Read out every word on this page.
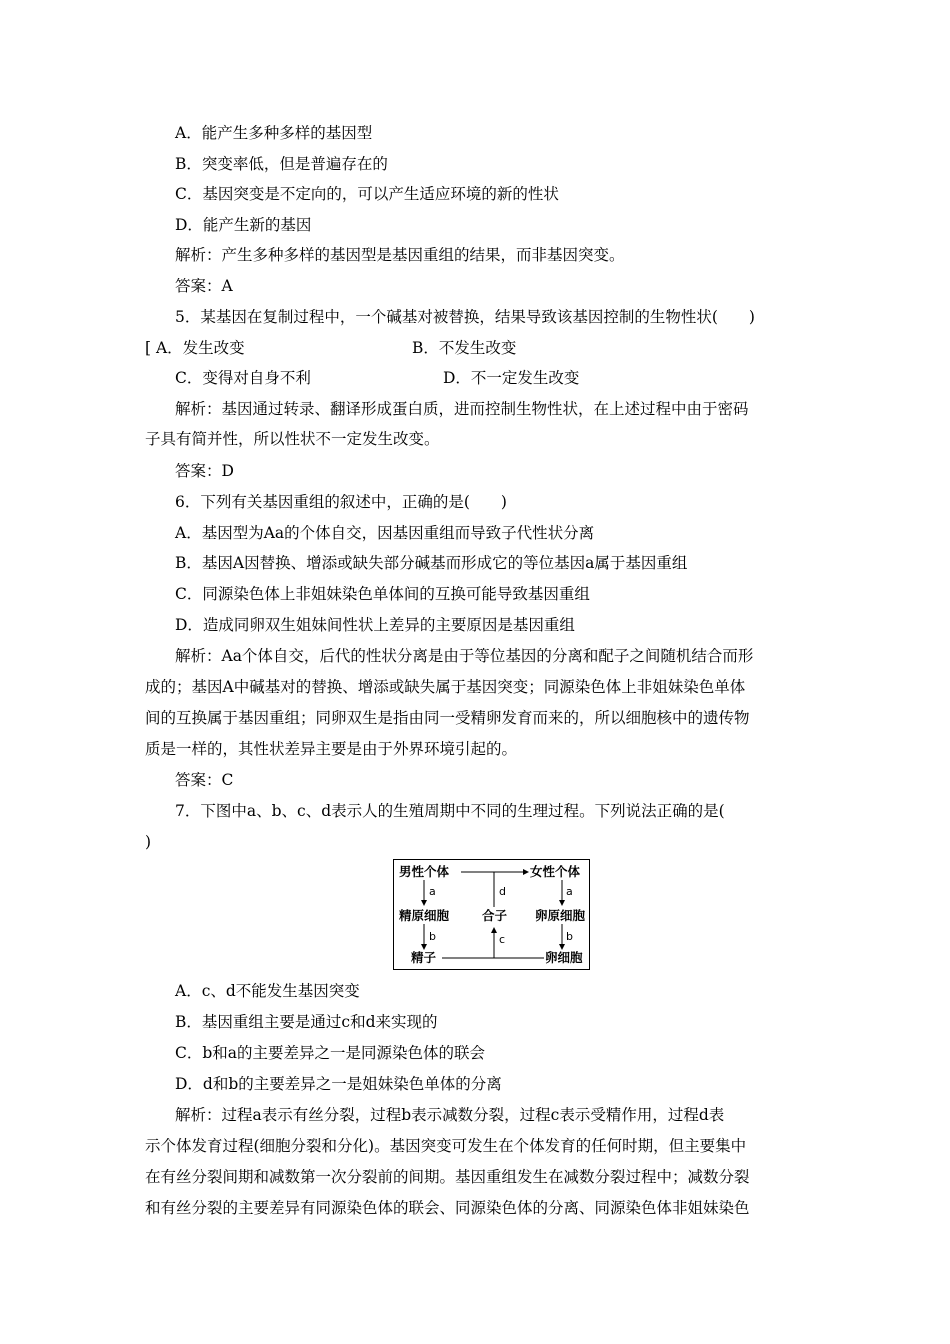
A．能产生多种多样的基因型
B．突变率低，但是普遍存在的
C．基因突变是不定向的，可以产生适应环境的新的性状
D．能产生新的基因
解析：产生多种多样的基因型是基因重组的结果，而非基因突变。
答案：A
5．某基因在复制过程中，一个碱基对被替换，结果导致该基因控制的生物性状(　　)
[ A．发生改变	B．不发生改变
C．变得对自身不利	D．不一定发生改变
解析：基因通过转录、翻译形成蛋白质，进而控制生物性状，在上述过程中由于密码
子具有简并性，所以性状不一定发生改变。
答案：D
6．下列有关基因重组的叙述中，正确的是(　　)
A．基因型为Aa的个体自交，因基因重组而导致子代性状分离
B．基因A因替换、增添或缺失部分碱基而形成它的等位基因a属于基因重组
C．同源染色体上非姐妹染色单体间的互换可能导致基因重组
D．造成同卵双生姐妹间性状上差异的主要原因是基因重组
解析：Aa个体自交，后代的性状分离是由于等位基因的分离和配子之间随机结合而形
成的；基因A中碱基对的替换、增添或缺失属于基因突变；同源染色体上非姐妹染色单体
间的互换属于基因重组；同卵双生是指由同一受精卵发育而来的，所以细胞核中的遗传物
质是一样的，其性状差异主要是由于外界环境引起的。
答案：C
7．下图中a、b、c、d表示人的生殖周期中不同的生理过程。下列说法正确的是(
)
男性个体	女性个体
a	d	a
精原细胞	合子 卵原细胞
b	c	b
精子	卵细胞
A．c、d不能发生基因突变
B．基因重组主要是通过c和d来实现的
C．b和a的主要差异之一是同源染色体的联会
D．d和b的主要差异之一是姐妹染色单体的分离
解析：过程a表示有丝分裂，过程b表示减数分裂，过程c表示受精作用，过程d表
示个体发育过程(细胞分裂和分化)。基因突变可发生在个体发育的任何时期，但主要集中
在有丝分裂间期和减数第一次分裂前的间期。基因重组发生在减数分裂过程中；减数分裂
和有丝分裂的主要差异有同源染色体的联会、同源染色体的分离、同源染色体非姐妹染色
